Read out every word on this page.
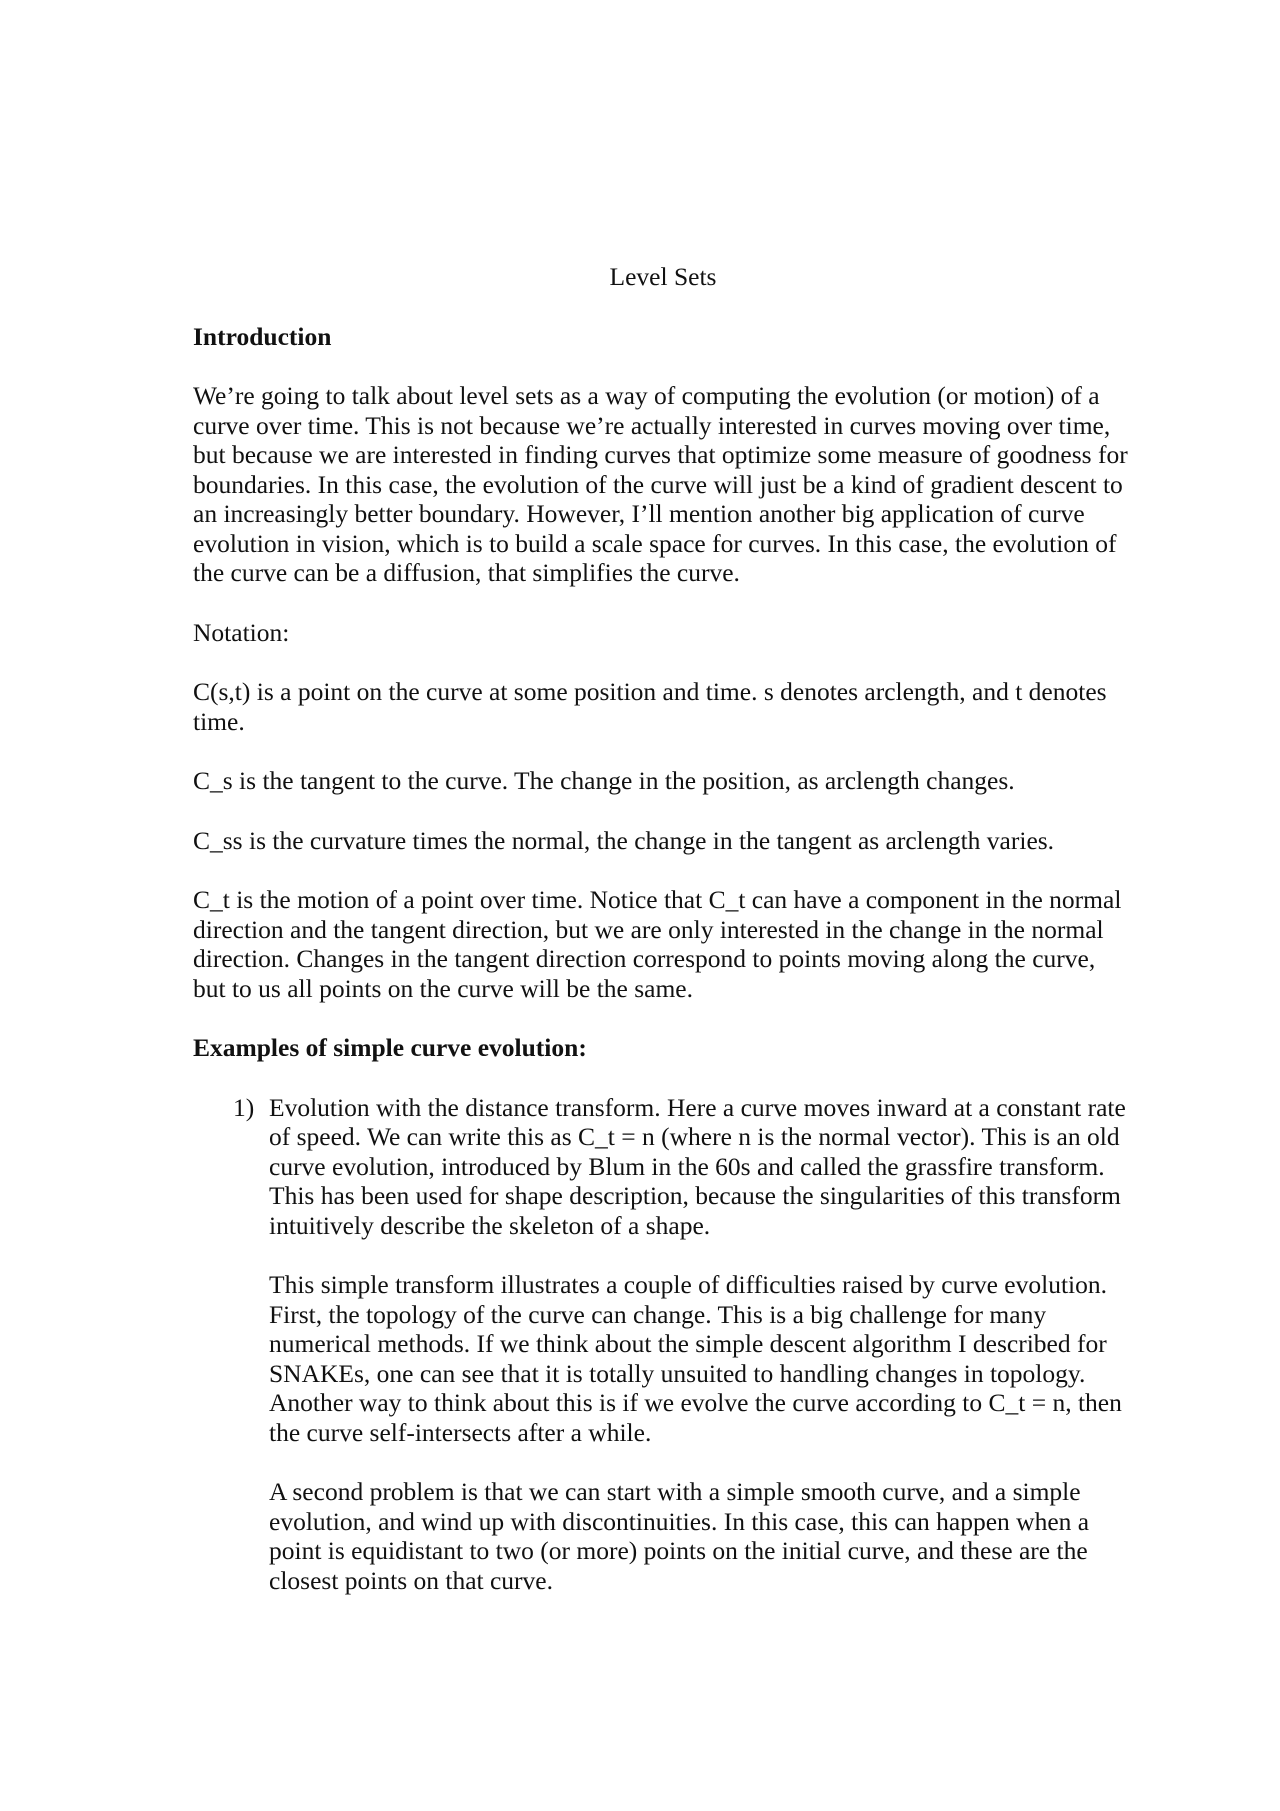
Level Sets
Introduction

We’re going to talk about level sets as a way of computing the evolution (or motion) of a curve over time. This is not because we’re actually interested in curves moving over time, but because we are interested in finding curves that optimize some measure of goodness for boundaries. In this case, the evolution of the curve will just be a kind of gradient descent to an increasingly better boundary. However, I’ll mention another big application of curve evolution in vision, which is to build a scale space for curves. In this case, the evolution of the curve can be a diffusion, that simplifies the curve.

Notation:

C(s,t) is a point on the curve at some position and time. s denotes arclength, and t denotes time.

C_s is the tangent to the curve. The change in the position, as arclength changes.

C_ss is the curvature times the normal, the change in the tangent as arclength varies.

C_t is the motion of a point over time. Notice that C_t can have a component in the normal direction and the tangent direction, but we are only interested in the change in the normal direction. Changes in the tangent direction correspond to points moving along the curve, but to us all points on the curve will be the same.

Examples of simple curve evolution:
1) Evolution with the distance transform. Here a curve moves inward at a constant rate of speed. We can write this as C_t = n (where n is the normal vector). This is an old curve evolution, introduced by Blum in the 60s and called the grassfire transform. This has been used for shape description, because the singularities of this transform intuitively describe the skeleton of a shape.

This simple transform illustrates a couple of difficulties raised by curve evolution. First, the topology of the curve can change. This is a big challenge for many numerical methods. If we think about the simple descent algorithm I described for SNAKEs, one can see that it is totally unsuited to handling changes in topology. Another way to think about this is if we evolve the curve according to C_t = n, then the curve self-intersects after a while.

A second problem is that we can start with a simple smooth curve, and a simple evolution, and wind up with discontinuities. In this case, this can happen when a point is equidistant to two (or more) points on the initial curve, and these are the closest points on that curve.
